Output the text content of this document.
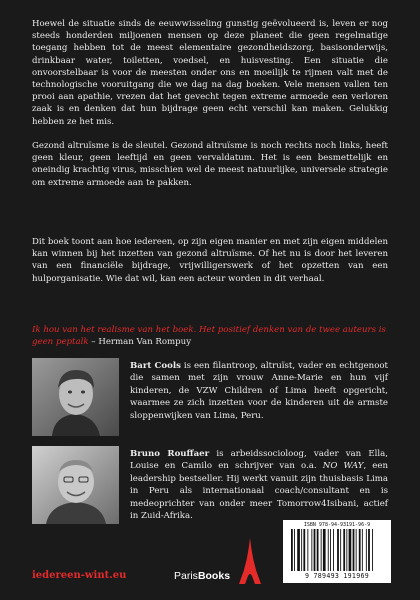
Hoewel de situatie sinds de eeuwwisseling gunstig geëvolueerd is, leven er nog steeds honderden miljoenen mensen op deze planeet die geen regelmatige toegang hebben tot de meest elementaire gezondheidszorg, basisonderwijs, drinkbaar water, toiletten, voedsel, en huisvesting. Een situatie die onvoorstelbaar is voor de meesten onder ons en moeilijk te rijmen valt met de technologische vooruitgang die we dag na dag boeken. Vele mensen vallen ten prooi aan apathie, vrezen dat het gevecht tegen extreme armoede een verloren zaak is en denken dat hun bijdrage geen echt verschil kan maken. Gelukkig hebben ze het mis.

Gezond altruïsme is de sleutel. Gezond altruïsme is noch rechts noch links, heeft geen kleur, geen leeftijd en geen vervaldatum. Het is een besmettelijk en oneindig krachtig virus, misschien wel de meest natuurlijke, universele strategie om extreme armoede aan te pakken.

Dit boek toont aan hoe iedereen, op zijn eigen manier en met zijn eigen middelen kan winnen bij het inzetten van gezond altruïsme. Of het nu is door het leveren van een financiële bijdrage, vrijwilligerswerk of het opzetten van een hulporganisatie. Wie dat wil, kan een acteur worden in dit verhaal.

Ik hou van het realisme van het boek. Het positief denken van de twee auteurs is geen peptalk – Herman Van Rompuy

Bart Cools is een filantroop, altruïst, vader en echtgenoot die samen met zijn vrouw Anne-Marie en hun vijf kinderen, de VZW Children of Lima heeft opgericht, waarmee ze zich inzetten voor de kinderen uit de armste sloppenwijken van Lima, Peru.

Bruno Rouffaer is arbeidssocioloog, vader van Ella, Louise en Camilo en schrijver van o.a. NO WAY, een leadership bestseller. Hij werkt vanuit zijn thuisbasis Lima in Peru als internationaal coach/consultant en is medeoprichter van onder meer Tomorrow4Isibani, actief in Zuid-Afrika.

iedereen-wint.eu	ParisBooks
ISBN 978-94-93191-96-9
9 789493 191969
